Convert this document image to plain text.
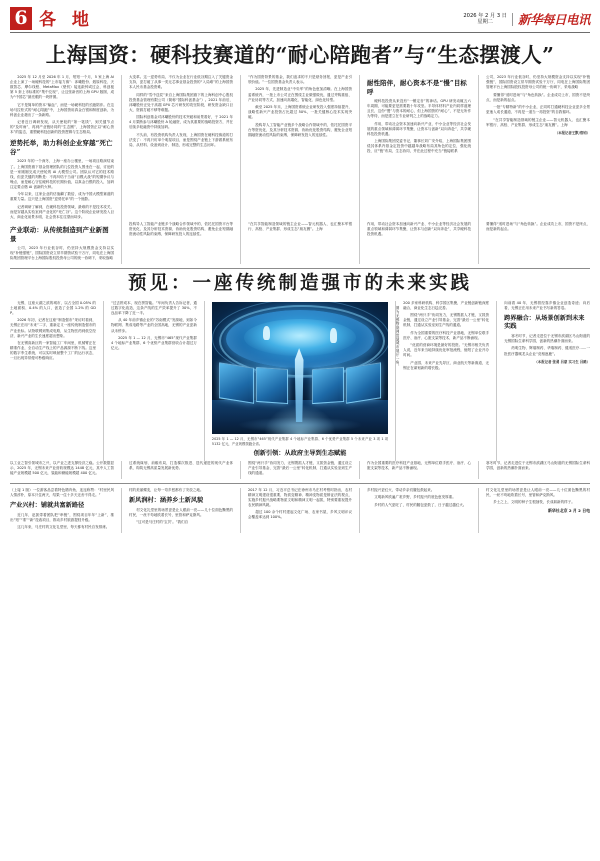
6 各 地	2026 年 2 月 3 日
星期二	新华每日电讯
上海国资：硬科技赛道的“耐心陪跑者”与“生态摆渡人”

2025 年 12 月至 2026 年 1 月，短短一个月，5 家上海 AI 企业上演了一场硬科技的“上市接力赛”：沐曦股份、燧原科技、天数智芯、摩尔线程、MetaMax（壁仞）接连敲钟或过会，科创板第 5 套上市标准的“集中兑现”，让这张新晋的上海 GPU 版图，成为“中国芯”最亮眼的一块拼图。

它不是简单的资本“输血”，而是一场硬科技的长跑陪伴。在这场马拉松式的“耐心陪跑”中，上海国资用真金白银和制度创新，为科创企业趟出了一条新路。

记者近日调研发现，从天使轮的“第一笔钱”，到关键节点的“及时雨”，再到产业链协同的“生态圈”，上海国资正以“耐心资本”的姿态，重塑硬科技创新的投资逻辑与生态格局。

逆势托举，助力科创企业穿越“死亡谷”

2023 年的一个深冬，上海一座办公楼里，一场项目路演结束了。上海国资旗下基金管理团队的几位投资人围坐在一起，讨论的是一家刚刚完成天使轮的 AI 大模型公司。团队认可它的技术路线，但更关键的判断是：不再纠结于当前“百模大战”的短期争议与噪点，而是耐心守住硬科技的长期价值，以真金白银的投入，加码注定要点燃 AI 创新的火种。

今年以来，这家企业的估值翻了数倍，成为中国大模型赛道的重要力量。这只是上海国资“逆势托举”的一个缩影。

记者调研了解到，在硬科技投资领域，最难的不是技术攻关，而是穿越从实验室到产业化的“死亡谷”。这个阶段企业研发投入巨大、商业化前景未明，社会资本往往望而却步。

大变革。这一逆势布局，不仅为企业在行业低谷期注入了关键资金支持，更打破了从事一类无芯事业基金投资的“入局难”的上海国资本人民币基金投资难。

同样的“雪中送炭”来自上海国际集团旗下的上海科创中心股权投资基金管理有限公司（简称“国际科创基金”）。2021 年前后，沐曦股份正处于高端 GPU 芯片研发的攻坚阶段，研发资金缺口巨大，资源打破不够等难题。

国际科创基金对沐曦股份的技术突破和前景看好，于 2021 年 4 月果断参与沐曦股份 A 轮融资，成为其重要的战略投资方，并在后续多轮融资中持续加码。

不久前，有投资机构负责人发现，上海国资在硬科技赛道的打法变了：不再只盯单个明星项目，而是围绕产业链上下游做系统布局，从材料、设备到设计、制造，形成完整的生态闭环。

“作为国资背景的基金，我们追求的不只是财务回报，更是产业引领价值。”一位国资基金负责人表示。

2025 年，先进制造业“中央军”的角色愈加清晰。在上海国资委系统内，一批上市公司正在围绕主业做强做优，通过并购重组、产业协同等方式，加速向高端化、智能化、绿色化转型。

截至 2025 年末，上海国资系统企业研发投入强度持续提升，战略性新兴产业投资占比超过 50%，一批关键核心技术实现突破。

投构导人工智能产业链多个战略合作领域中的，依托托国资平台等资优化，及其分析技术资源，协助优化股资结构，避免企业短期融资流动性风险的束缚，保障研发投入的连续性。

耐性陪伴，耐心资本不是“慢”目标呼

硬科技投资从来没有“一锤定音”的神话。GPU 研发动辄五六年周期，可能要更是需要数十年攻坚。半导体材料产业内同样道理且长，这份“慢”与资本的耐心，但上海国资的“耐心”，不是无所作为等待，而是建立在专业研判之上的战略定力。

作用，带动社会资本加速向新兴产业、中小企业等经济社会发展的重点领域和薄弱环节集聚，让资本与创新“双向奔赴”，共享硬科技投资机遇。

上海国际集团党委书记、董事长刘广安介绍，上海国际集团围绕其体系内基金定投资中越越单战略布局其角色的定位，强化统投、应“链”布局，生态协同，并在此过程中充当“链接联系

公司，2023 年行业低谷时，仍坚持大规模资金支持以实现“补链强链”，国际国资设立常早期资试验干万厅，同电在上海国际集团管理平台上海国际股权投资母公司的统一协调下，采取战略

要懂得“适时进场”与“角色转换”。企业成功上市，国资不是终点，而是新的起点。

一批“专精特新”的中小企业，正同时打通硬科技企业更多全景更速入成长通道，不再是一道当一再投资”的自我循环。

“在共享智能制造领域的链主企业——智元机器人、也汇聚本军银行、高校、产业集群、形成生态“朋友圈”。上海

（本报记者王默/郑钧）
产业联动：从传统制造到产业新图景

公司，2023 年行业低谷时，仍坚持大规模资金支持以实现“补链强链”，国际国资设立常早期资试验干万厅，同电在上海国际集团管理平台上海国际股权投资母公司的统一协调下，采取战略

投构导人工智能产业链多个战略合作领域中的，依托托国资平台等资优化，及其分析技术资源，协助优化股资结构，避免企业短期融资流动性风险的束缚，保障研发投入的连续性。

“在共享智能制造领域的链主企业——智元机器人、也汇聚本军银行、高校、产业集群、形成生态“朋友圈”。上海

作用，带动社会资本加速向新兴产业、中小企业等经济社会发展的重点领域和薄弱环节集聚，让资本与创新“双向奔赴”，共享硬科技投资机遇。

要懂得“适时进场”与“角色转换”。企业成功上市，国资不是终点，而是新的起点。

预见：一座传统制造强市的未来实践

无锡，这座太湖之滨的城市，以占全国 0.05% 的土地面积、0.4% 的人口，创造了全国 1.2% 的 GDP。

2026 年初，记者在这座“制造强市”采访时看到，无锡正在用“未来”二字，重新定义一座传统制造强市的产业坐标。从物联网到集成电路，从生物医药到低空经济，新兴产业的生长速度超出想象。

在无锡高新区的一家智能工厂车间里，机械臂正在精准作业，全自动生产线上的产品源源不断下线。这里的数字孪生系统，可以实时映射整个工厂的运行状态，一旦出现异常便可秒级响应。

“过去拼成本，现在拼智能。”车间负责人告诉记者，通过数字化改造，这条产线的生产效率提升了 30%，不良品率下降了近一半。

从 40 年前乡镇企业的“苏南模式”发源地，到如今物联网、集成电路等产业的全国高地，无锡的产业更新从未停步。

2025 年 1 — 12 月，无锡市“465”现代产业集群 4 个地标产业集群、6 个优势产业集群营收合计超过万亿元。	图为无锡物联网智慧城市展厅一角。
2025 年 1 — 12 月，无锡市“465”现代产业集群 4 个地标产业集群、6 个优势产业集群 5 个未来产业 3 项 1 项 5132 亿元，产业规模领跑全省。
创新引领：从政府主导到生态赋能

200 多家科研机构、科学园区集聚，产业链创新链深度融合，商业化生态日趋完善。

围绕“两只手”协同发力，无锡既抓人才链，又抓资金链，通过设立产业引导基金、完善“最后一公里”转化机制，打通从实验室到生产线的通道。

作为全国重要的医疗科技产业基地，无锡单位联手医疗、治疗、心脏支架等技术，新产品不断涌现。

“优质的营商环境是最好的投资。”无锡市相关负责人说，近年来当地持续优化审批流程，缩短了企业开办时间。

产业园、未来产业先导区、商业航天等新赛道，无锡正在谋划新的增长极。

向前看 40 年，无锡曾经靠乡镇企业创造奇迹；向后看，无锡正在用未来产业书写新的答卷。

跨界融合：从场景创新到未来实践

寒冬时节，记者走进位于无锡市滨湖区马山街道的无锡国际生命科学园，创新的热潮扑面而来。

药明生物、辉瑞制药、华瑞制药、健适医疗……一批医疗器械龙头企业“竞相逐鹿”。

（本报记者 张勇 吕蒙 实习生 吕路）

以工业之智引领城市之兴，以产业之进支撑经济之稳。公开数据显示，2025 年，无锡未来产业营收规模达 1448 亿元，其中人工智能产业规模超 500 亿元，氢能和储能规模超 400 亿元。

过系统谋划、前瞻布局，打造梯次推进、迭代递进的现代产业体系，构筑无锡高质量发展新优势。

围绕“两只手”协同发力，无锡既抓人才链，又抓资金链，通过设立产业引导基金、完善“最后一公里”转化机制，打通从实验室到生产线的通道。

作为全国重要的医疗科技产业基地，无锡单位联手医疗、治疗、心脏支架等技术，新产品不断涌现。

寒冬时节，记者走进位于无锡市滨湖区马山街道的无锡国际生命科学园，创新的热潮扑面而来。

（上接 1 版）一位游客品尝着特色腊肉鱼，连连称赞：“村里民风人情淳朴，原本只住两天，结果一住十多天还舍不得走。”

产业兴村：铺就共富新路径

近几年，赵凯带着团队把“串链”，围绕项目年年“上新”，推出“短”“准”“新”技改项目，推动乡村旅游提档升级。

这几年来，马庄村的文化礼堂里，每天都有村民自发排练。

村的美丽蝶变，让每一弯乡愁都有了安放之地。

新风润村：涵养乡土新风貌

村文化礼堂里的场景更是让人眼前一亮——几十位面色黝黑的村民，一丝不苟地吹着长号，里管和萨克斯风。

“这可是马庄村的‘宝贝’。”我们自

2017 年 12 月，习近平总书记在徐州市马庄村考察时指出，农村精神文明建设很重要，物质变精神、精神变物质是辩证法的观点，实施乡村振兴战略要物质文明和精神文明一起抓，特别要重视提升农民精神风貌。

超过 100 余个村村建起文化广场、农家书屋，乡风文明评议会覆盖率达到 100%。

乡村振兴更红火，带动乡亲们腰包鼓起来。

文明新风吹遍广袤乡野，乡村振兴的底色愈发厚重。

乡村的人气更旺了，村民的腰包更鼓了，日子越过越红火。

村文化礼堂里的场景更是让人眼前一亮——几十位面色黝黑的村民，一丝不苟地吹着长号，里管和萨克斯风。

乡土之上，文明的种子生根抽枝，长成崭新的样子。

新华社北京 2 月 2 日电
